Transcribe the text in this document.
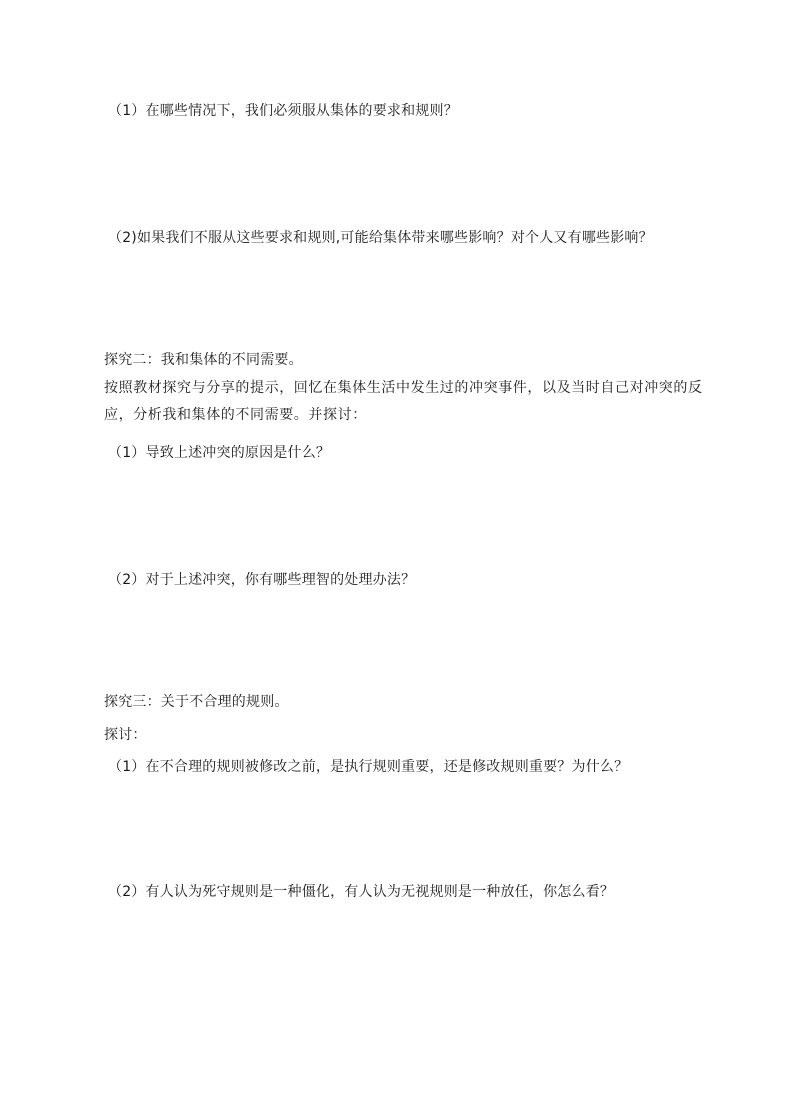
（1）在哪些情况下，我们必须服从集体的要求和规则？
（2)如果我们不服从这些要求和规则,可能给集体带来哪些影响？对个人又有哪些影响？
探究二：我和集体的不同需要。
按照教材探究与分享的提示，回忆在集体生活中发生过的冲突事件，以及当时自己对冲突的反应，分析我和集体的不同需要。并探讨：
（1）导致上述冲突的原因是什么？
（2）对于上述冲突，你有哪些理智的处理办法？
探究三：关于不合理的规则。
探讨：
（1）在不合理的规则被修改之前，是执行规则重要，还是修改规则重要？为什么？
（2）有人认为死守规则是一种僵化，有人认为无视规则是一种放任，你怎么看？
